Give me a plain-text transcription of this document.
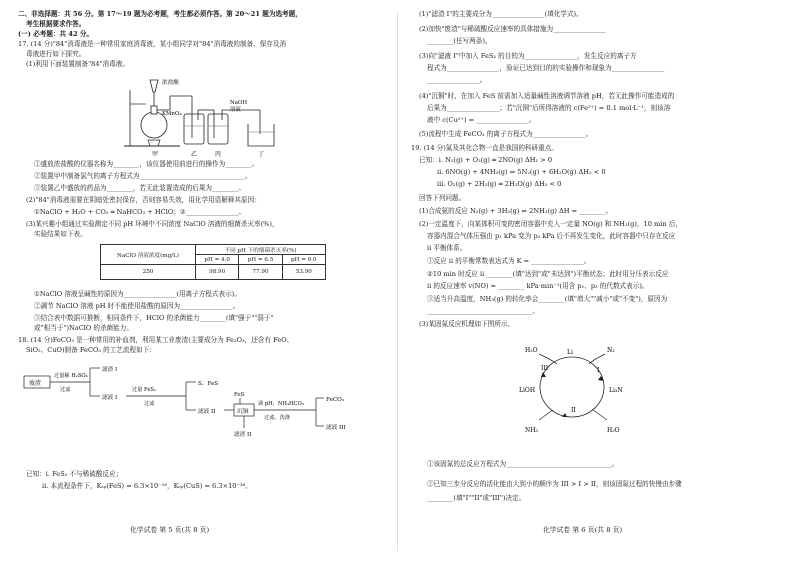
二、非选择题：共 56 分。第 17～19 题为必考题，考生都必须作答。第 20～21 题为选考题，
考生根据要求作答。
(一) 必考题：共 42 分。
17. (14 分)"84"消毒液是一种常用家庭消毒液，某小组同学对"84"消毒液的制备、保存及消
毒液进行如下探究。
(1)利用下面装置制备"84"消毒液。
浓盐酸
KMnO₄
NaOH
溶液
甲	乙	丙	丁
①盛放浓盐酸的仪器名称为________，该仪器使用前进行的操作为________。
②装置甲中制备氯气的离子方程式为________________________________。
③装置乙中盛放的药品为________，若无此装置造成的后果为________。
(2)"84"消毒液需要在阴暗处密封保存，否则容易失效，用化学用语解释其原因：
①NaClO + H₂O + CO₂ ═ NaHCO₃ + HClO；②________________。
(3)某兴趣小组通过实验测定不同 pH 环境中不同浓度 NaClO 溶液的细菌杀灭率(%)，
实验结果如下表。
NaClO 溶液浓度(mg/L)	不同 pH 下的细菌杀灭率(%)		
	pH = 4.0	pH = 6.5	pH = 9.0
250	98.90	77.90	53.90
①NaClO 溶液呈碱性的原因为________________(用离子方程式表示)。
②調节 NaClO 溶液 pH 时不能使用盐酸的原因为________________。
③结合表中数据可推断，相同条件下，HClO 的杀菌能力________(填"强于""弱于"
或"相当于")NaClO 的杀菌能力。
18. (14 分)FeCO₃ 是一种常用的补血剂，利用某工业废渣(主要成分为 Fe₂O₃，还含有 FeO、
SiO₂、CuO)制备 FeCO₃ 的工艺流程如下：
废渣
过量稀 H₂SO₄
过滤
滤渣 I
滤液 I
过量 FeS₂
过滤
S、FeS
滤液 II
FeS
沉铜
滤渣 II
调 pH，NH₄HCO₃
过滤、洗涤
FeCO₃
滤液 III
已知：i. FeS₂ 不与稀硫酸反应；
ii. 本流程条件下，Kₛₚ(FeS) = 6.3×10⁻¹⁸，Kₛₚ(CuS) = 6.3×10⁻³⁶。
化学试卷 第 5 页(共 8 页)
(1)"滤渣 I"的主要成分为________________(填化学式)。
(2)加快"废渣"与稀硫酸反应速率的具体措施为________________
________(任写两条)。
(3)向"滤液 I"中加入 FeS₂ 的目的为________________，发生反应的离子方
程式为________________，验证已达到目的的实验操作和现象为________________
________________。
(4)"沉铜"时，在加入 FeS 前需加入适量碱性溶液调节溶液 pH，若无此操作可能造成的
后果为________________；若"沉铜"后所得溶液的 c(Fe²⁺) = 0.1 mol·L⁻¹，则该溶
液中 c(Cu²⁺) = ________________。
(5)流程中生成 FeCO₃ 的离子方程式为________________。
19. (14 分)氮及其化合物一直是我国的科研重点。
已知：i. N₂(g) + O₂(g) ═ 2NO(g) ΔH₁ > 0
ii. 6NO(g) + 4NH₃(g) ⇌ 5N₂(g) + 6H₂O(g) ΔH₂ < 0
iii. O₂(g) + 2H₂(g) ═ 2H₂O(g) ΔH₃ < 0
回答下列问题。
(1)合成氨的反应 N₂(g) + 3H₂(g) ⇌ 2NH₃(g) ΔH = ________。
(2)一定温度下，向某体积可变的密闭容器中充入一定量 NO(g) 和 NH₃(g)，10 min 后，
容器内混合气体压强由 p₁ kPa 变为 p₂ kPa 后不再发生变化，此时容器中只存在反应
ii 平衡体系。
①反应 ii 的平衡常数表达式为 K = ________________。
②10 min 时反应 ii ________(填"达到"或"未达到")平衡状态；此时用分压表示反应
ii 的反应速率 v(NO) = ________ kPa·min⁻¹(用含 p₁、p₂ 的代数式表示)。
③适当升高温度，NH₃(g) 的转化率会________(填"增大""减小"或"不变")，原因为
________________________________。
(3)某固氮反应机理如下图所示。
Li
H₂O	N₂
LiOH	Li₃N
NH₃	H₂O
I
II
III
①该固氮的总反应方程式为________________________________。
②已知三步分反应的活化能由大到小的顺序为 III > I > II，则该固氮过程的快慢由步骤
________(填"I""II"或"III")决定。
化学试卷 第 6 页(共 8 页)
